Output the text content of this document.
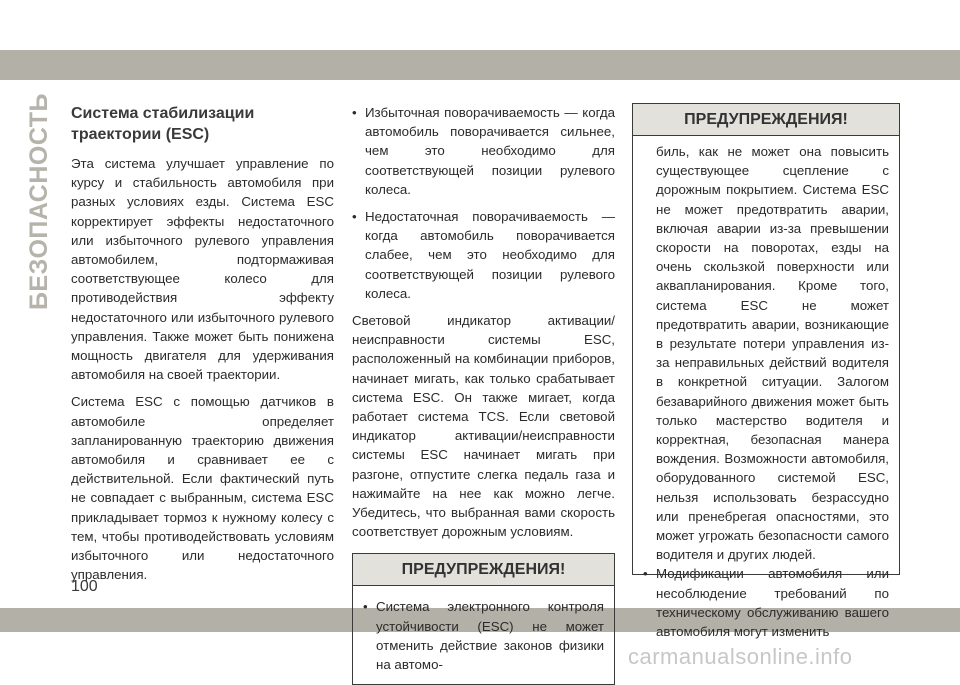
БЕЗОПАСНОСТЬ Система стабилизации траектории (ESC)

Эта система улучшает управление по курсу и стабильность автомобиля при разных условиях езды. Система ESC корректирует эффекты недостаточного или избыточного рулевого управления автомобилем, подтормаживая соответствующее колесо для противодействия эффекту недостаточного или избыточного рулевого управления. Также может быть понижена мощность двигателя для удерживания автомобиля на своей траектории.

Система ESC с помощью датчиков в автомобиле определяет запланированную траекторию движения автомобиля и сравнивает ее с действительной. Если фактический путь не совпадает с выбранным, система ESC прикладывает тормоз к нужному колесу с тем, чтобы противодействовать условиям избыточного или недостаточного управления.

• Избыточная поворачиваемость — когда автомобиль поворачивается сильнее, чем это необходимо для соответствующей позиции рулевого колеса.
• Недостаточная поворачиваемость — когда автомобиль поворачивается слабее, чем это необходимо для соответствующей позиции рулевого колеса.

Световой индикатор активации/неисправности системы ESC, расположенный на комбинации приборов, начинает мигать, как только срабатывает система ESC. Он также мигает, когда работает система TCS. Если световой индикатор активации/неисправности системы ESC начинает мигать при разгоне, отпустите слегка педаль газа и нажимайте на нее как можно легче. Убедитесь, что выбранная вами скорость соответствует дорожным условиям.

ПРЕДУПРЕЖДЕНИЯ!
• Система электронного контроля устойчивости (ESC) не может отменить действие законов физики на автомо-
ПРЕДУПРЕЖДЕНИЯ!

биль, как не может она повысить существующее сцепление с дорожным покрытием. Система ESC не может предотвратить аварии, включая аварии из-за превышении скорости на поворотах, езды на очень скользкой поверхности или аквапланирования. Кроме того, система ESC не может предотвратить аварии, возникающие в результате потери управления из-за неправильных действий водителя в конкретной ситуации. Залогом безаварийного движения может быть только мастерство водителя и корректная, безопасная манера вождения. Возможности автомобиля, оборудованного системой ESC, нельзя использовать безрассудно или пренебрегая опасностями, это может угрожать безопасности самого водителя и других людей.

• Модификации автомобиля или несоблюдение требований по техническому обслуживанию вашего автомобиля могут изменить
100
carmanualsonline.info
